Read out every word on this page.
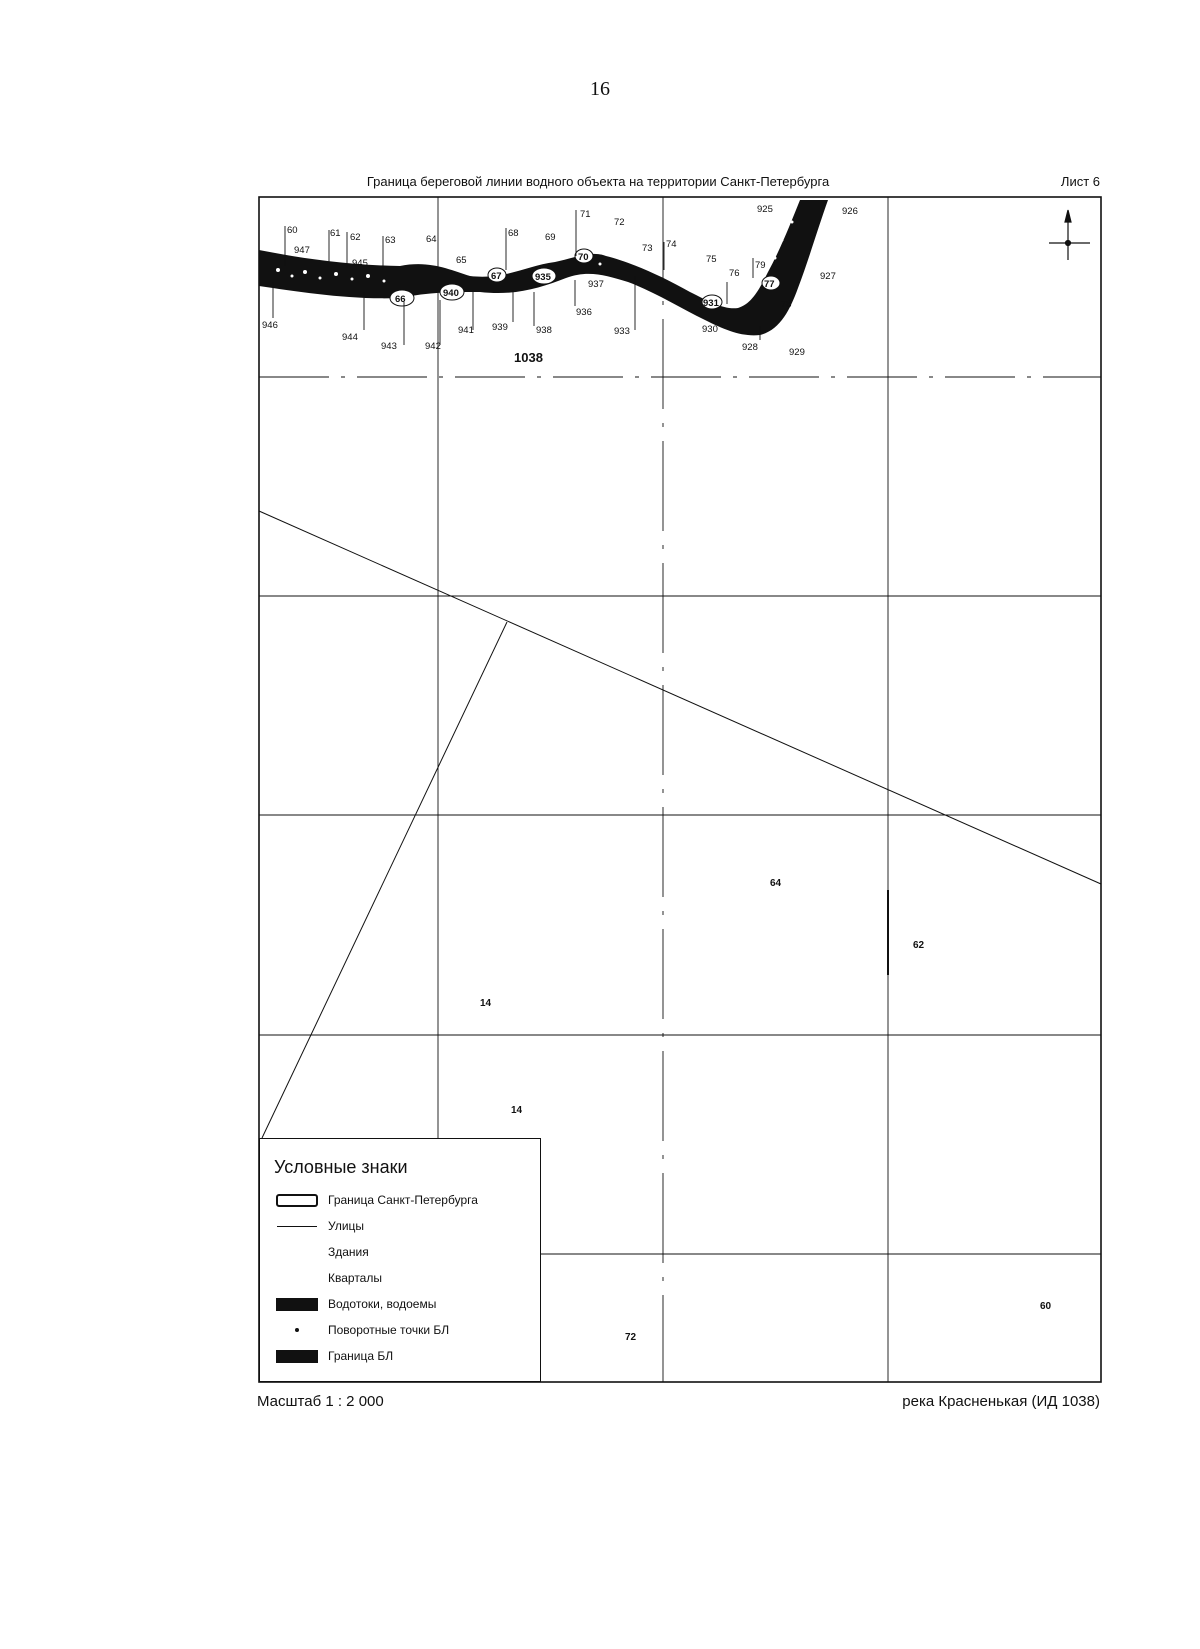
16
Граница береговой линии водного объекта на территории Санкт-Петербурга	Лист 6
60
947
61 62
945
63	64
65
946
944
943	942
66
940
941
67
68	69
939
935
938
71
72
70
73
937
936
74
75
933
931
76
930
79
77
928
78
929
925	926
927
1038
64
62
14
14
60
72
Условные знаки
Граница Санкт-Петербурга
Улицы
Здания
Кварталы
Водотоки, водоемы
Поворотные точки БЛ
Граница БЛ
Масштаб 1 : 2 000	река Красненькая (ИД 1038)
